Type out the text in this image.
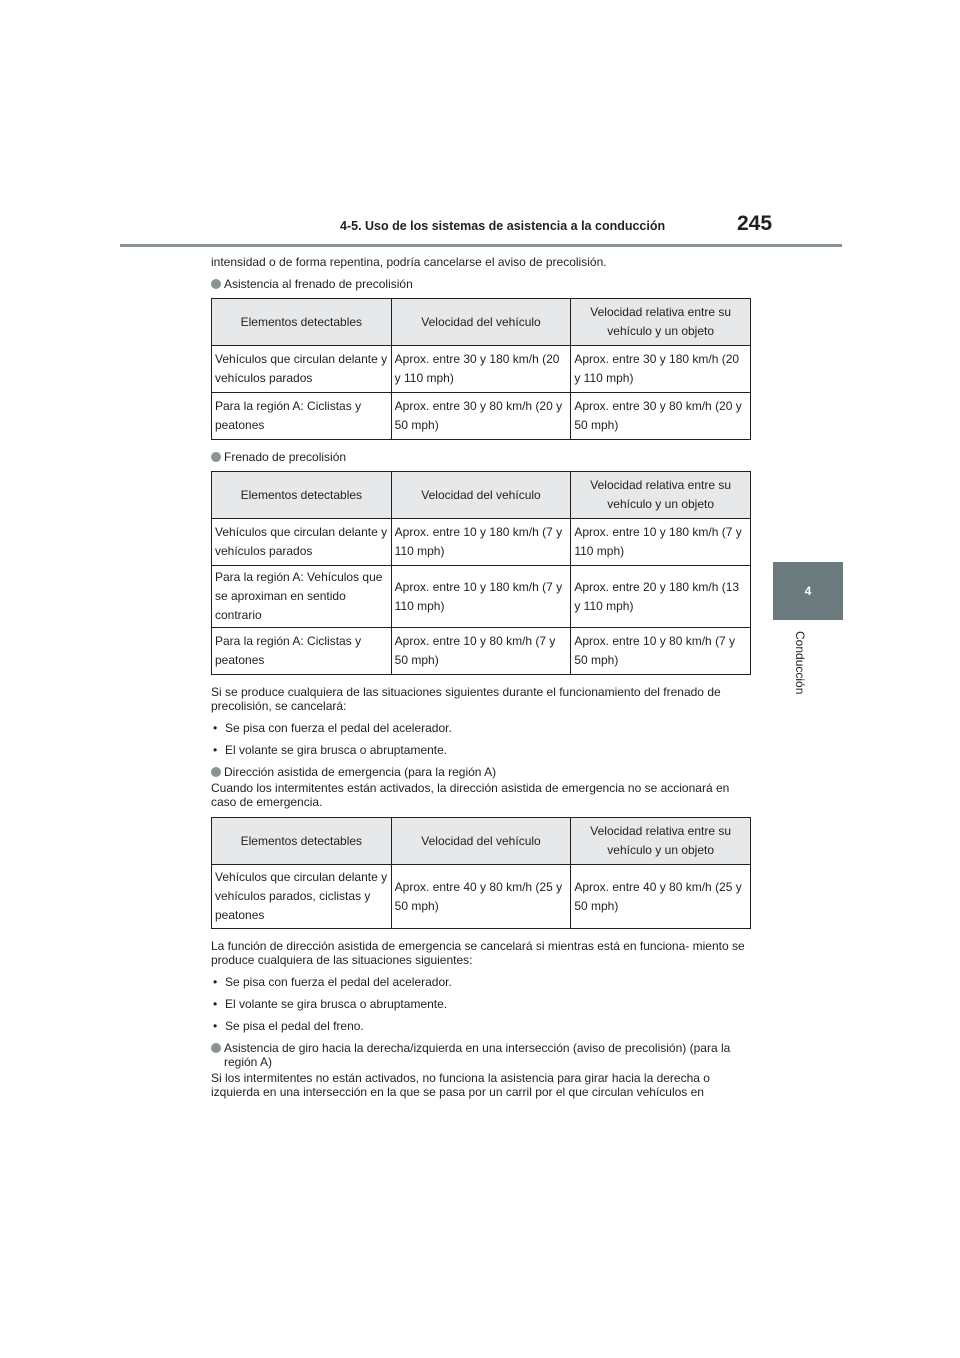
4-5. Uso de los sistemas de asistencia a la conducción	245
4
Conducción

intensidad o de forma repentina, podría cancelarse el aviso de precolisión.

Asistencia al frenado de precolisión
Elementos detectables	Velocidad del vehículo	Velocidad relativa entre su vehículo y un objeto
Vehículos que circulan delante y vehículos parados	Aprox. entre 30 y 180 km/h (20 y 110 mph)	Aprox. entre 30 y 180 km/h (20 y 110 mph)
Para la región A: Ciclistas y peatones	Aprox. entre 30 y 80 km/h (20 y 50 mph)	Aprox. entre 30 y 80 km/h (20 y 50 mph)
Frenado de precolisión
Elementos detectables	Velocidad del vehículo	Velocidad relativa entre su vehículo y un objeto
Vehículos que circulan delante y vehículos parados	Aprox. entre 10 y 180 km/h (7 y 110 mph)	Aprox. entre 10 y 180 km/h (7 y 110 mph)
Para la región A: Vehículos que se aproximan en sentido contrario	Aprox. entre 10 y 180 km/h (7 y 110 mph)	Aprox. entre 20 y 180 km/h (13 y 110 mph)
Para la región A: Ciclistas y peatones	Aprox. entre 10 y 80 km/h (7 y 50 mph)	Aprox. entre 10 y 80 km/h (7 y 50 mph)

Si se produce cualquiera de las situaciones siguientes durante el funcionamiento del frenado de precolisión, se cancelará:

• Se pisa con fuerza el pedal del acelerador.
• El volante se gira brusca o abruptamente.
Dirección asistida de emergencia (para la región A)

Cuando los intermitentes están activados, la dirección asistida de emergencia no se accionará en caso de emergencia.

Elementos detectables	Velocidad del vehículo	Velocidad relativa entre su vehículo y un objeto
Vehículos que circulan delante y vehículos parados, ciclistas y peatones	Aprox. entre 40 y 80 km/h (25 y 50 mph)	Aprox. entre 40 y 80 km/h (25 y 50 mph)

La función de dirección asistida de emergencia se cancelará si mientras está en funciona- miento se produce cualquiera de las situaciones siguientes:

• Se pisa con fuerza el pedal del acelerador.
• El volante se gira brusca o abruptamente.
• Se pisa el pedal del freno.
Asistencia de giro hacia la derecha/izquierda en una intersección (aviso de precolisión) (para la región A)

Si los intermitentes no están activados, no funciona la asistencia para girar hacia la derecha o izquierda en una intersección en la que se pasa por un carril por el que circulan vehículos en
